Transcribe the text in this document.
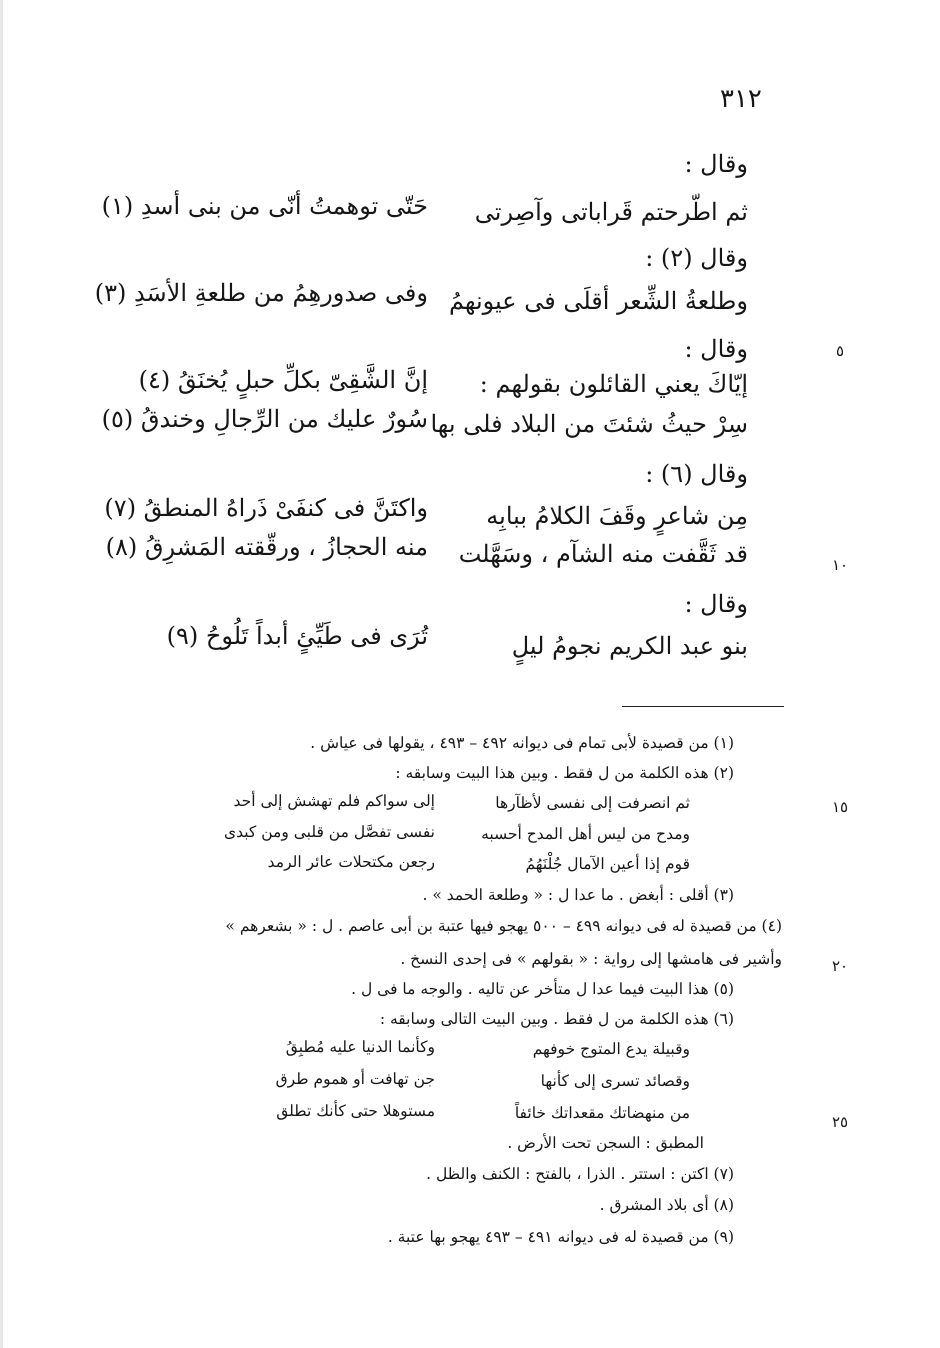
٣١٢
٥
١٠
١٥
٢٠
٢٥
وقال :
ثم اطّرحتم قَراباتى وآصِرتى
حَتّى توهمتُ أنّى من بنى أسدِ (١)
وقال (٢) :
وطلعةُ الشِّعر أقلَى فى عيونهمُ
وفى صدورهِمُ من طلعةِ الأسَدِ (٣)
وقال :
إيّاكَ يعني القائلون بقولهم :
إنَّ الشَّقِىّ بكلِّ حبلٍ يُخنَقُ (٤)
سِرْ حيثُ شئتَ من البلاد فلى بها
سُورٌ عليك من الرِّجالِ وخندقُ (٥)
وقال (٦) :
مِن شاعرٍ وقَفَ الكلامُ ببابِه
واكتَنَّ فى كنفَىْ ذَراهُ المنطقُ (٧)
قد ثَقَّفت منه الشآم ، وسَهَّلت
منه الحجازُ ، ورقّقته المَشرِقُ (٨)
وقال :
بنو عبد الكريم نجومُ ليلٍ
تُرَى فى طَيِّئٍ أبداً تَلُوحُ (٩)
(١) من قصيدة لأبى تمام فى ديوانه ٤٩٢ – ٤٩٣ ، يقولها فى عياش .
(٢) هذه الكلمة من ل فقط . وبين هذا البيت وسابقه :
ثم انصرفت إلى نفسى لأظآرها
إلى سواكم فلم تهشش إلى أحد
ومدح من ليس أهل المدح أحسبه
نفسى تفصَّل من قلبى ومن كبدى
قوم إذا أعين الآمال جُلْنَهُمُ
رجعن مكتحلات عائر الرمد
(٣) أقلى : أبغض . ما عدا ل : « وطلعة الحمد » .
(٤) من قصيدة له فى ديوانه ٤٩٩ – ٥٠٠ يهجو فيها عتبة بن أبى عاصم . ل : « بشعرهم »
وأشير فى هامشها إلى رواية : « بقولهم » فى إحدى النسخ .
(٥) هذا البيت فيما عدا ل متأخر عن تاليه . والوجه ما فى ل .
(٦) هذه الكلمة من ل فقط . وبين البيت التالى وسابقه :
وقبيلة يدع المتوج خوفهم
وكأنما الدنيا عليه مُطبِقُ
وقصائد تسرى إلى كأنها
جن تهافت أو هموم طرق
من منهضاتك مقعداتك خائفاً
مستوهلا حتى كأنك تطلق
المطبق : السجن تحت الأرض .
(٧) اكتن : استتر . الذرا ، بالفتح : الكنف والظل .
(٨) أى بلاد المشرق .
(٩) من قصيدة له فى ديوانه ٤٩١ – ٤٩٣ يهجو بها عتبة .
